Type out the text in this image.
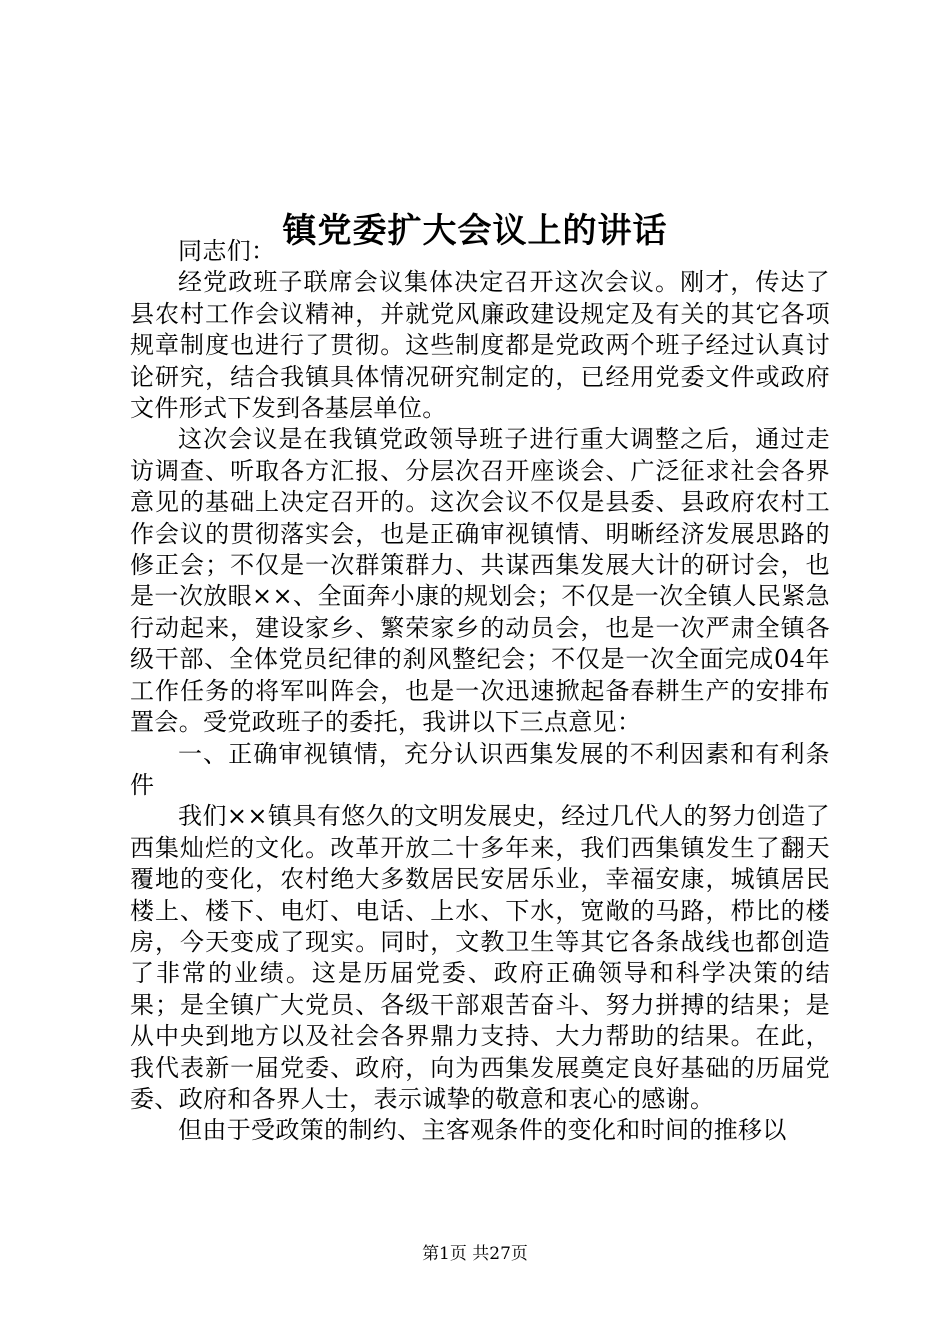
镇党委扩大会议上的讲话

同志们：

经党政班子联席会议集体决定召开这次会议。刚才，传达了县农村工作会议精神，并就党风廉政建设规定及有关的其它各项规章制度也进行了贯彻。这些制度都是党政两个班子经过认真讨论研究，结合我镇具体情况研究制定的，已经用党委文件或政府文件形式下发到各基层单位。

这次会议是在我镇党政领导班子进行重大调整之后，通过走访调查、听取各方汇报、分层次召开座谈会、广泛征求社会各界意见的基础上决定召开的。这次会议不仅是县委、县政府农村工作会议的贯彻落实会，也是正确审视镇情、明晰经济发展思路的修正会；不仅是一次群策群力、共谋西集发展大计的研讨会，也是一次放眼××、全面奔小康的规划会；不仅是一次全镇人民紧急行动起来，建设家乡、繁荣家乡的动员会，也是一次严肃全镇各级干部、全体党员纪律的刹风整纪会；不仅是一次全面完成04年工作任务的将军叫阵会，也是一次迅速掀起备春耕生产的安排布置会。受党政班子的委托，我讲以下三点意见：

一、正确审视镇情，充分认识西集发展的不利因素和有利条件

我们××镇具有悠久的文明发展史，经过几代人的努力创造了西集灿烂的文化。改革开放二十多年来，我们西集镇发生了翻天覆地的变化，农村绝大多数居民安居乐业，幸福安康，城镇居民楼上、楼下、电灯、电话、上水、下水，宽敞的马路，栉比的楼房，今天变成了现实。同时，文教卫生等其它各条战线也都创造了非常的业绩。这是历届党委、政府正确领导和科学决策的结果；是全镇广大党员、各级干部艰苦奋斗、努力拼搏的结果；是从中央到地方以及社会各界鼎力支持、大力帮助的结果。在此，我代表新一届党委、政府，向为西集发展奠定良好基础的历届党委、政府和各界人士，表示诚挚的敬意和衷心的感谢。

但由于受政策的制约、主客观条件的变化和时间的推移以

第1页 共27页
